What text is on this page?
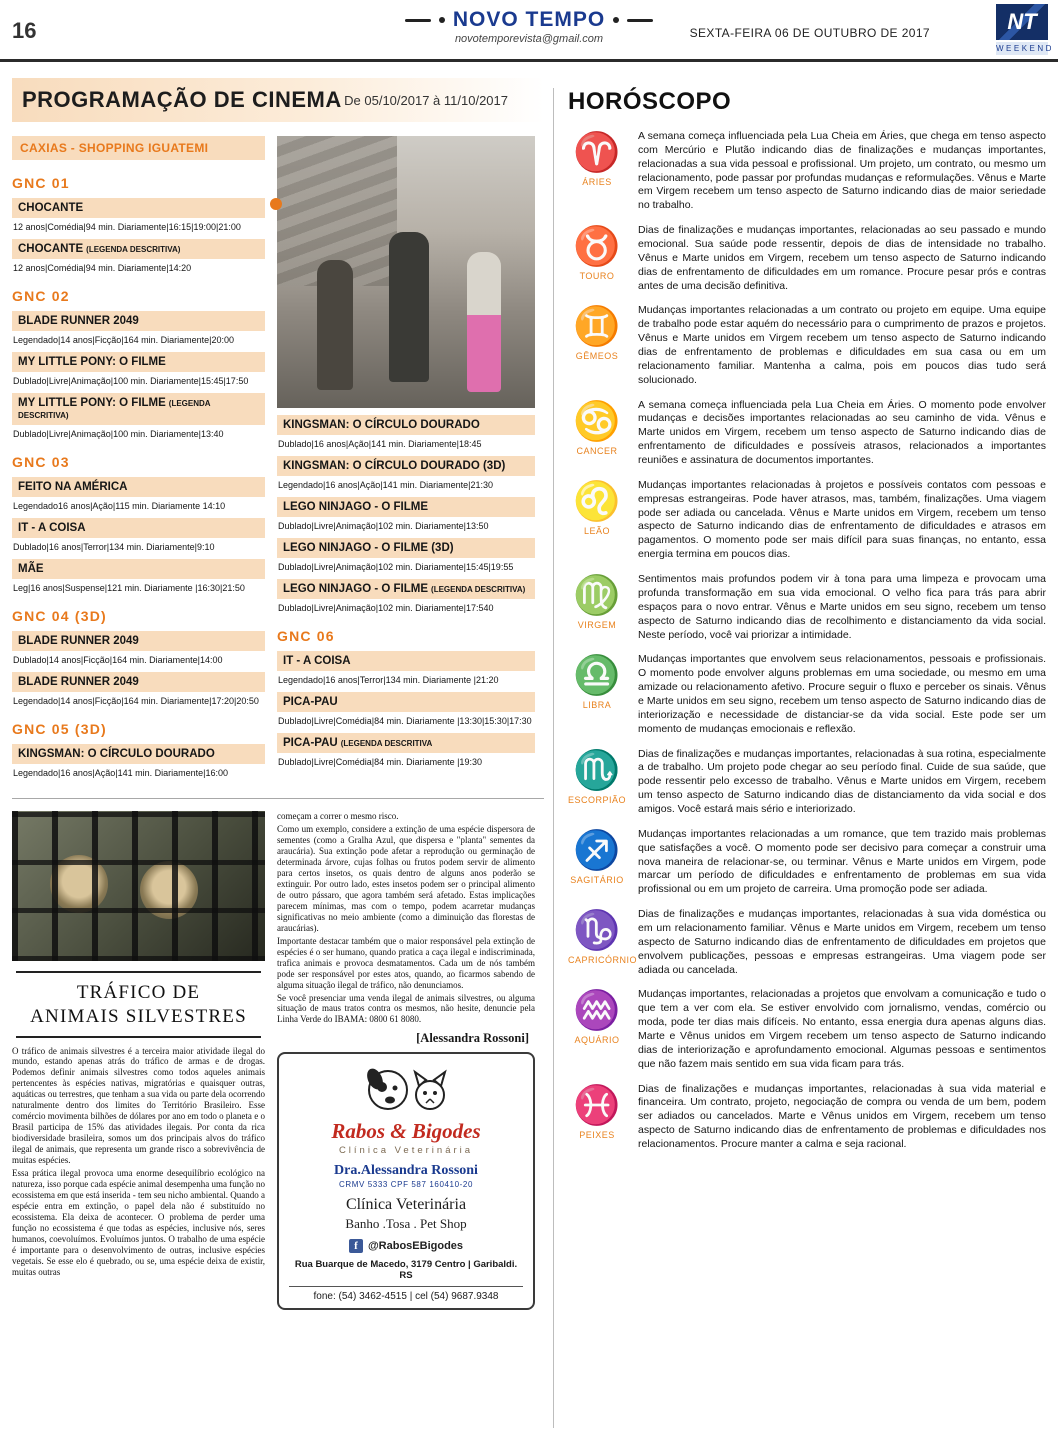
16	NOVO TEMPO
novotemporevista@gmail.com	SEXTA-FEIRA 06 DE OUTUBRO DE 2017	NT
WEEKEND
PROGRAMAÇÃO DE CINEMA De 05/10/2017 à 11/10/2017
CAXIAS - SHOPPING IGUATEMI
GNC 01
CHOCANTE
12 anos|Comédia|94 min. Diariamente|16:15|19:00|21:00
CHOCANTE (LEGENDA DESCRITIVA)
12 anos|Comédia|94 min. Diariamente|14:20
GNC 02
BLADE RUNNER 2049
Legendado|14 anos|Ficção|164 min. Diariamente|20:00
MY LITTLE PONY: O FILME
Dublado|Livre|Animação|100 min. Diariamente|15:45|17:50
MY LITTLE PONY: O FILME (LEGENDA DESCRITIVA)
Dublado|Livre|Animação|100 min. Diariamente|13:40
GNC 03
FEITO NA AMÉRICA
Legendado16 anos|Ação|115 min. Diariamente 14:10
IT - A COISA
Dublado|16 anos|Terror|134 min. Diariamente|9:10
MÃE
Leg|16 anos|Suspense|121 min. Diariamente |16:30|21:50
GNC 04 (3D)
BLADE RUNNER 2049
Dublado|14 anos|Ficção|164 min. Diariamente|14:00
BLADE RUNNER 2049
Legendado|14 anos|Ficção|164 min. Diariamente|17:20|20:50
GNC 05 (3D)
KINGSMAN: O CÍRCULO DOURADO
Legendado|16 anos|Ação|141 min. Diariamente|16:00
KINGSMAN: O CÍRCULO DOURADO
Dublado|16 anos|Ação|141 min. Diariamente|18:45
KINGSMAN: O CÍRCULO DOURADO (3D)
Legendado|16 anos|Ação|141 min. Diariamente|21:30
LEGO NINJAGO - O FILME
Dublado|Livre|Animação|102 min. Diariamente|13:50
LEGO NINJAGO - O FILME (3D)
Dublado|Livre|Animação|102 min. Diariamente|15:45|19:55
LEGO NINJAGO - O FILME (LEGENDA DESCRITIVA)
Dublado|Livre|Animação|102 min. Diariamente|17:540
GNC 06
IT - A COISA
Legendado|16 anos|Terror|134 min. Diariamente |21:20
PICA-PAU
Dublado|Livre|Comédia|84 min. Diariamente |13:30|15:30|17:30
PICA-PAU (LEGENDA DESCRITIVA
Dublado|Livre|Comédia|84 min. Diariamente |19:30
TRÁFICO DE
ANIMAIS SILVESTRES

O tráfico de animais silvestres é a terceira maior atividade ilegal do mundo, estando apenas atrás do tráfico de armas e de drogas. Podemos definir animais silvestres como todos aqueles animais pertencentes às espécies nativas, migratórias e quaisquer outras, aquáticas ou terrestres, que tenham a sua vida ou parte dela ocorrendo naturalmente dentro dos limites do Território Brasileiro. Esse comércio movimenta bilhões de dólares por ano em todo o planeta e o Brasil participa de 15% das atividades ilegais. Por conta da rica biodiversidade brasileira, somos um dos principais alvos do tráfico ilegal de animais, que representa um grande risco a sobrevivência de muitas espécies.

Essa prática ilegal provoca uma enorme desequilíbrio ecológico na natureza, isso porque cada espécie animal desempenha uma função no ecossistema em que está inserida - tem seu nicho ambiental. Quando a espécie entra em extinção, o papel dela não é substituído no ecossistema. Ela deixa de acontecer. O problema de perder uma função no ecossistema é que todas as espécies, inclusive nós, seres humanos, coevoluímos. Evoluímos juntos. O trabalho de uma espécie é importante para o desenvolvimento de outras, inclusive espécies vegetais. Se esse elo é quebrado, ou se, uma espécie deixa de existir, muitas outras

começam a correr o mesmo risco.

Como um exemplo, considere a extinção de uma espécie dispersora de sementes (como a Gralha Azul, que dispersa e "planta" sementes da araucária). Sua extinção pode afetar a reprodução ou germinação de determinada árvore, cujas folhas ou frutos podem servir de alimento para certos insetos, os quais dentro de alguns anos poderão se extinguir. Por outro lado, estes insetos podem ser o principal alimento de outro pássaro, que agora também será afetado. Estas implicações parecem mínimas, mas com o tempo, podem acarretar mudanças significativas no meio ambiente (como a diminuição das florestas de araucárias).

Importante destacar também que o maior responsável pela extinção de espécies é o ser humano, quando pratica a caça ilegal e indiscriminada, trafica animais e provoca desmatamentos. Cada um de nós também pode ser responsável por estes atos, quando, ao ficarmos sabendo de alguma situação ilegal de tráfico, não denunciamos.

Se você presenciar uma venda ilegal de animais silvestres, ou alguma situação de maus tratos contra os mesmos, não hesite, denuncie pela Linha Verde do IBAMA: 0800 61 8080.

[Alessandra Rossoni]
Rabos & Bigodes
Clínica Veterinária
Dra.Alessandra Rossoni
CRMV 5333 CPF 587 160410-20
Clínica Veterinária
Banho .Tosa . Pet Shop
f @RabosEBigodes
Rua Buarque de Macedo, 3179 Centro | Garibaldi. RS
fone: (54) 3462-4515 | cel (54) 9687.9348
HORÓSCOPO
♈
ÁRIES
A semana começa influenciada pela Lua Cheia em Áries, que chega em tenso aspecto com Mercúrio e Plutão indicando dias de finalizações e mudanças importantes, relacionadas a sua vida pessoal e profissional. Um projeto, um contrato, ou mesmo um relacionamento, pode passar por profundas mudanças e reformulações. Vênus e Marte em Virgem recebem um tenso aspecto de Saturno indicando dias de maior seriedade no trabalho.
♉
TOURO
Dias de finalizações e mudanças importantes, relacionadas ao seu passado e mundo emocional. Sua saúde pode ressentir, depois de dias de intensidade no trabalho. Vênus e Marte unidos em Virgem, recebem um tenso aspecto de Saturno indicando dias de enfrentamento de dificuldades em um romance. Procure pesar prós e contras antes de uma decisão definitiva.
♊
GÊMEOS
Mudanças importantes relacionadas a um contrato ou projeto em equipe. Uma equipe de trabalho pode estar aquém do necessário para o cumprimento de prazos e projetos. Vênus e Marte unidos em Virgem recebem um tenso aspecto de Saturno indicando dias de enfrentamento de problemas e dificuldades em sua casa ou em um relacionamento familiar. Mantenha a calma, pois em poucos dias tudo será solucionado.
♋
CANCER
A semana começa influenciada pela Lua Cheia em Áries. O momento pode envolver mudanças e decisões importantes relacionadas ao seu caminho de vida. Vênus e Marte unidos em Virgem, recebem um tenso aspecto de Saturno indicando dias de enfrentamento de dificuldades e possíveis atrasos, relacionados a importantes reuniões e assinatura de documentos importantes.
♌
LEÃO
Mudanças importantes relacionadas à projetos e possíveis contatos com pessoas e empresas estrangeiras. Pode haver atrasos, mas, também, finalizações. Uma viagem pode ser adiada ou cancelada. Vênus e Marte unidos em Virgem, recebem um tenso aspecto de Saturno indicando dias de enfrentamento de dificuldades e atrasos em pagamentos. O momento pode ser mais difícil para suas finanças, no entanto, essa energia termina em poucos dias.
♍
VIRGEM
Sentimentos mais profundos podem vir à tona para uma limpeza e provocam uma profunda transformação em sua vida emocional. O velho fica para trás para abrir espaços para o novo entrar. Vênus e Marte unidos em seu signo, recebem um tenso aspecto de Saturno indicando dias de recolhimento e distanciamento da vida social. Neste período, você vai priorizar a intimidade.
♎
LIBRA
Mudanças importantes que envolvem seus relacionamentos, pessoais e profissionais. O momento pode envolver alguns problemas em uma sociedade, ou mesmo em uma amizade ou relacionamento afetivo. Procure seguir o fluxo e perceber os sinais. Vênus e Marte unidos em seu signo, recebem um tenso aspecto de Saturno indicando dias de interiorização e necessidade de distanciar-se da vida social. Este pode ser um momento de mudanças emocionais e reflexão.
♏
ESCORPIÃO
Dias de finalizações e mudanças importantes, relacionadas à sua rotina, especialmente a de trabalho. Um projeto pode chegar ao seu período final. Cuide de sua saúde, que pode ressentir pelo excesso de trabalho. Vênus e Marte unidos em Virgem, recebem um tenso aspecto de Saturno indicando dias de distanciamento da vida social e dos amigos. Você estará mais sério e interiorizado.
♐
SAGITÁRIO
Mudanças importantes relacionadas a um romance, que tem trazido mais problemas que satisfações a você. O momento pode ser decisivo para começar a construir uma nova maneira de relacionar-se, ou terminar. Vênus e Marte unidos em Virgem, pode marcar um período de dificuldades e enfrentamento de problemas em sua vida profissional ou em um projeto de carreira. Uma promoção pode ser adiada.
♑
CAPRICÓRNIO
Dias de finalizações e mudanças importantes, relacionadas à sua vida doméstica ou em um relacionamento familiar. Vênus e Marte unidos em Virgem, recebem um tenso aspecto de Saturno indicando dias de enfrentamento de dificuldades em projetos que envolvem publicações, pessoas e empresas estrangeiras. Uma viagem pode ser adiada ou cancelada.
♒
AQUÁRIO
Mudanças importantes, relacionadas a projetos que envolvam a comunicação e tudo o que tem a ver com ela. Se estiver envolvido com jornalismo, vendas, comércio ou moda, pode ter dias mais difíceis. No entanto, essa energia dura apenas alguns dias. Marte e Vênus unidos em Virgem recebem um tenso aspecto de Saturno indicando dias de interiorização e aprofundamento emocional. Algumas pessoas e sentimentos que não fazem mais sentido em sua vida ficam para trás.
♓
PEIXES
Dias de finalizações e mudanças importantes, relacionadas à sua vida material e financeira. Um contrato, projeto, negociação de compra ou venda de um bem, podem ser adiados ou cancelados. Marte e Vênus unidos em Virgem, recebem um tenso aspecto de Saturno indicando dias de enfrentamento de problemas e dificuldades nos relacionamentos. Procure manter a calma e seja racional.
